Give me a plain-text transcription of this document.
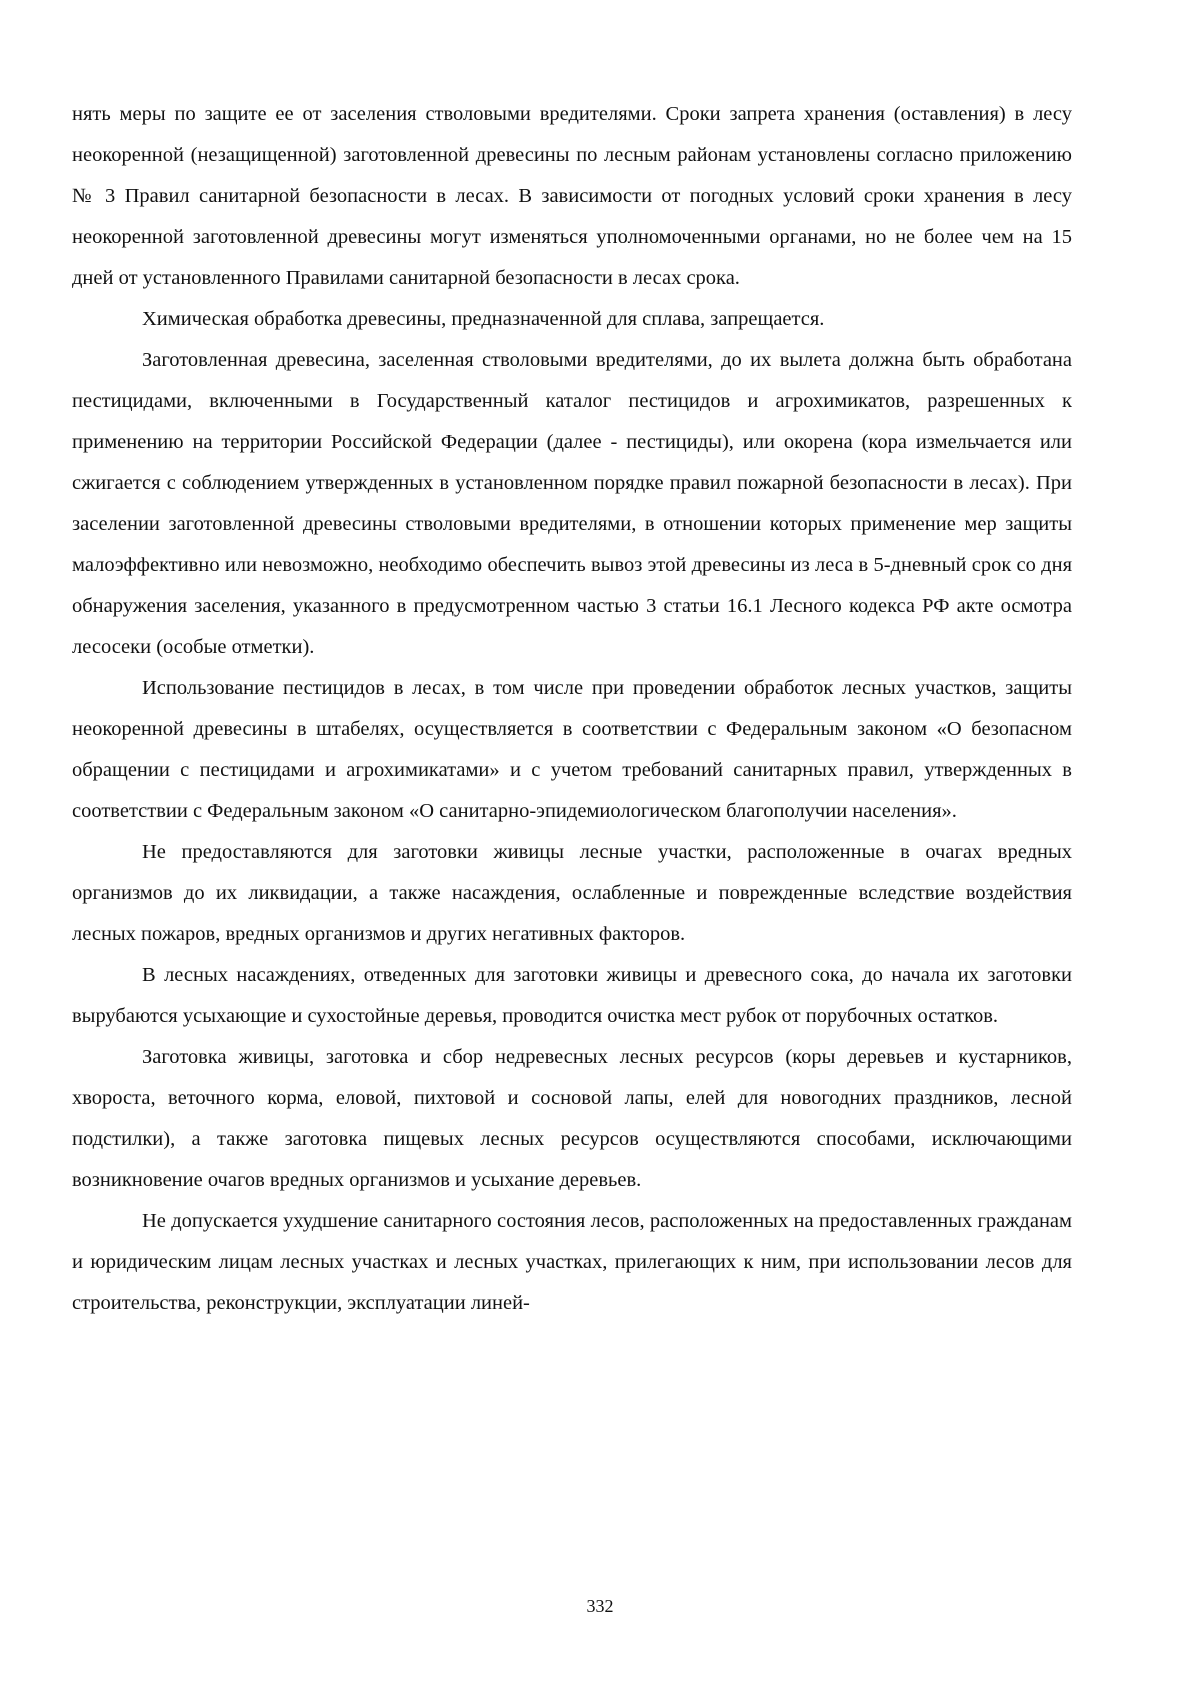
нять меры по защите ее от заселения стволовыми вредителями. Сроки запрета хранения (оставления) в лесу неокоренной (незащищенной) заготовленной древесины по лесным районам установлены согласно приложению № 3 Правил санитарной безопасности в лесах. В зависимости от погодных условий сроки хранения в лесу неокоренной заготовленной древесины могут изменяться уполномоченными органами, но не более чем на 15 дней от установленного Правилами санитарной безопасности в лесах срока.

Химическая обработка древесины, предназначенной для сплава, запрещается.

Заготовленная древесина, заселенная стволовыми вредителями, до их вылета должна быть обработана пестицидами, включенными в Государственный каталог пестицидов и агрохимикатов, разрешенных к применению на территории Российской Федерации (далее - пестициды), или окорена (кора измельчается или сжигается с соблюдением утвержденных в установленном порядке правил пожарной безопасности в лесах). При заселении заготовленной древесины стволовыми вредителями, в отношении которых применение мер защиты малоэффективно или невозможно, необходимо обеспечить вывоз этой древесины из леса в 5-дневный срок со дня обнаружения заселения, указанного в предусмотренном частью 3 статьи 16.1 Лесного кодекса РФ акте осмотра лесосеки (особые отметки).

Использование пестицидов в лесах, в том числе при проведении обработок лесных участков, защиты неокоренной древесины в штабелях, осуществляется в соответствии с Федеральным законом «О безопасном обращении с пестицидами и агрохимикатами» и с учетом требований санитарных правил, утвержденных в соответствии с Федеральным законом «О санитарно-эпидемиологическом благополучии населения».

Не предоставляются для заготовки живицы лесные участки, расположенные в очагах вредных организмов до их ликвидации, а также насаждения, ослабленные и поврежденные вследствие воздействия лесных пожаров, вредных организмов и других негативных факторов.

В лесных насаждениях, отведенных для заготовки живицы и древесного сока, до начала их заготовки вырубаются усыхающие и сухостойные деревья, проводится очистка мест рубок от порубочных остатков.

Заготовка живицы, заготовка и сбор недревесных лесных ресурсов (коры деревьев и кустарников, хвороста, веточного корма, еловой, пихтовой и сосновой лапы, елей для новогодних праздников, лесной подстилки), а также заготовка пищевых лесных ресурсов осуществляются способами, исключающими возникновение очагов вредных организмов и усыхание деревьев.

Не допускается ухудшение санитарного состояния лесов, расположенных на предоставленных гражданам и юридическим лицам лесных участках и лесных участках, прилегающих к ним, при использовании лесов для строительства, реконструкции, эксплуатации линей-

332
